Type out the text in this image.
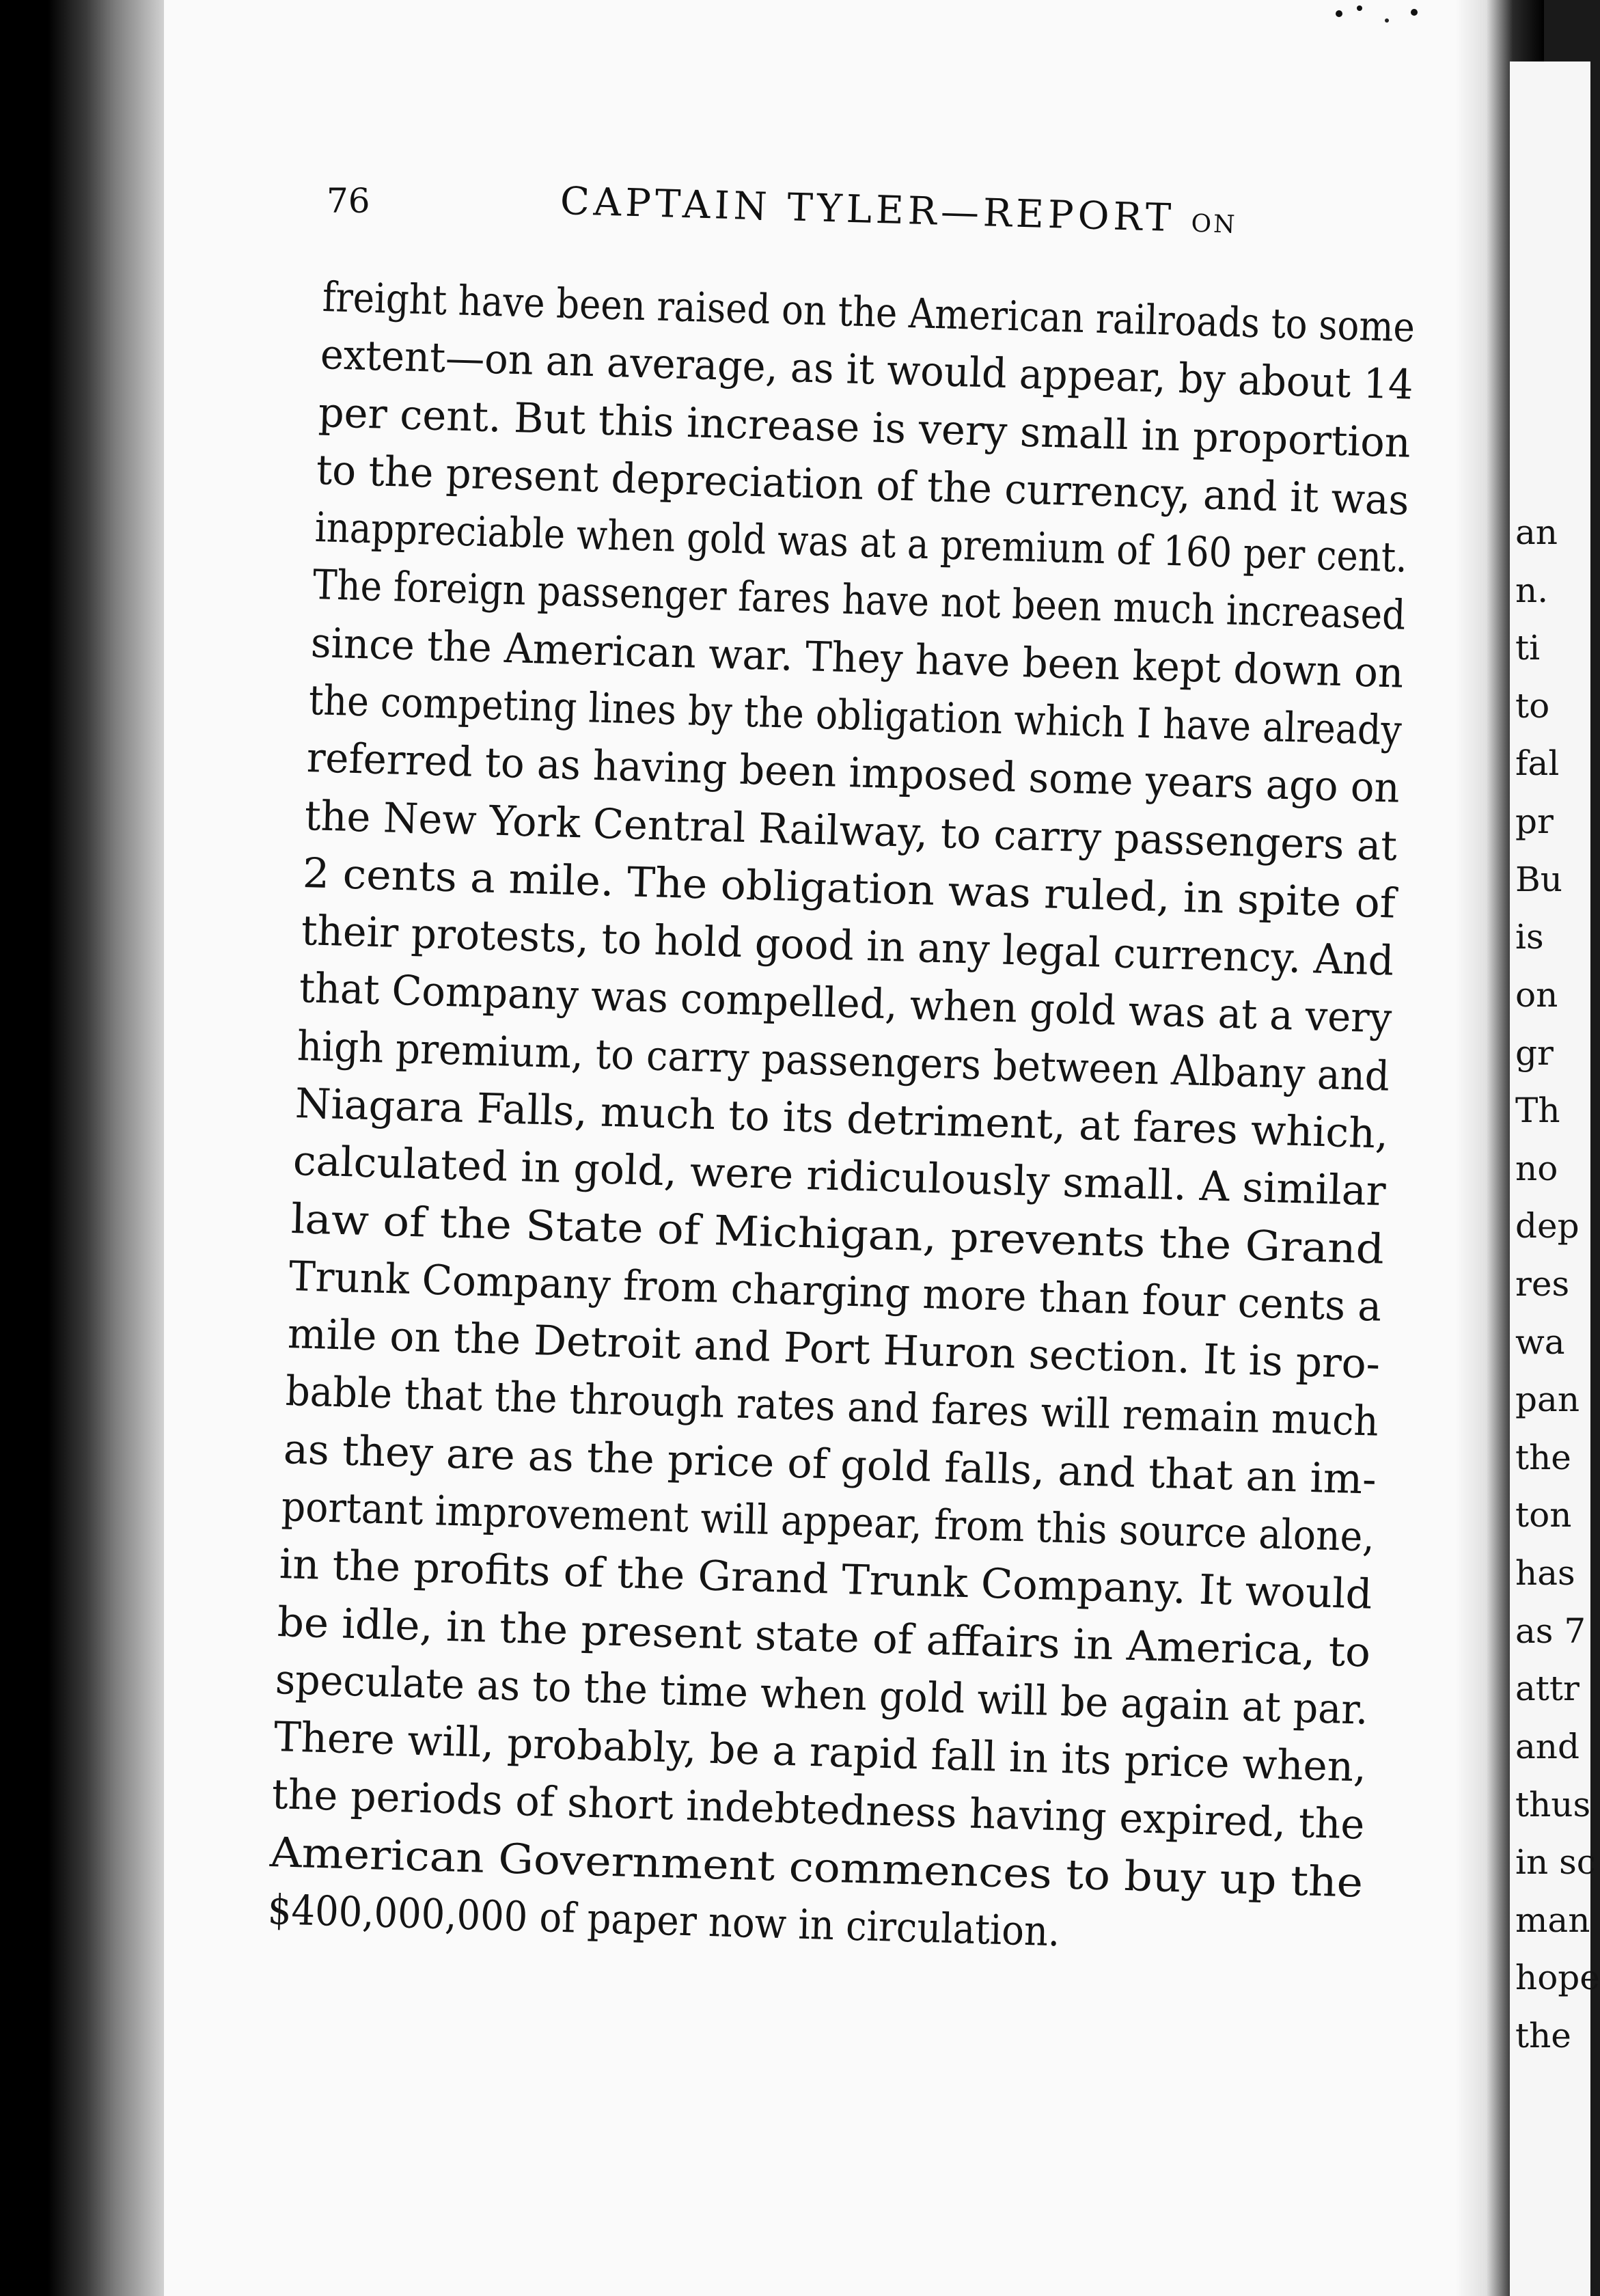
76	CAPTAIN TYLER—REPORT ON
freight have been raised on the American railroads to some
extent—on an average, as it would appear, by about 14
per cent. But this increase is very small in proportion
to the present depreciation of the currency, and it was
inappreciable when gold was at a premium of 160 per cent.
The foreign passenger fares have not been much increased
since the American war. They have been kept down on
the competing lines by the obligation which I have already
referred to as having been imposed some years ago on
the New York Central Railway, to carry passengers at
2 cents a mile. The obligation was ruled, in spite of
their protests, to hold good in any legal currency. And
that Company was compelled, when gold was at a very
high premium, to carry passengers between Albany and
Niagara Falls, much to its detriment, at fares which,
calculated in gold, were ridiculously small. A similar
law of the State of Michigan, prevents the Grand
Trunk Company from charging more than four cents a
mile on the Detroit and Port Huron section. It is pro-
bable that the through rates and fares will remain much
as they are as the price of gold falls, and that an im-
portant improvement will appear, from this source alone,
in the profits of the Grand Trunk Company. It would
be idle, in the present state of affairs in America, to
speculate as to the time when gold will be again at par.
There will, probably, be a rapid fall in its price when,
the periods of short indebtedness having expired, the
American Government commences to buy up the
$400,000,000 of paper now in circulation.
an
n.
ti
to
fal
pr
Bu
is
on
gr
Th
no
dep
res
wa
pan
the
ton
has
as 7
attr
and
thus
in sc
man
hope
the
